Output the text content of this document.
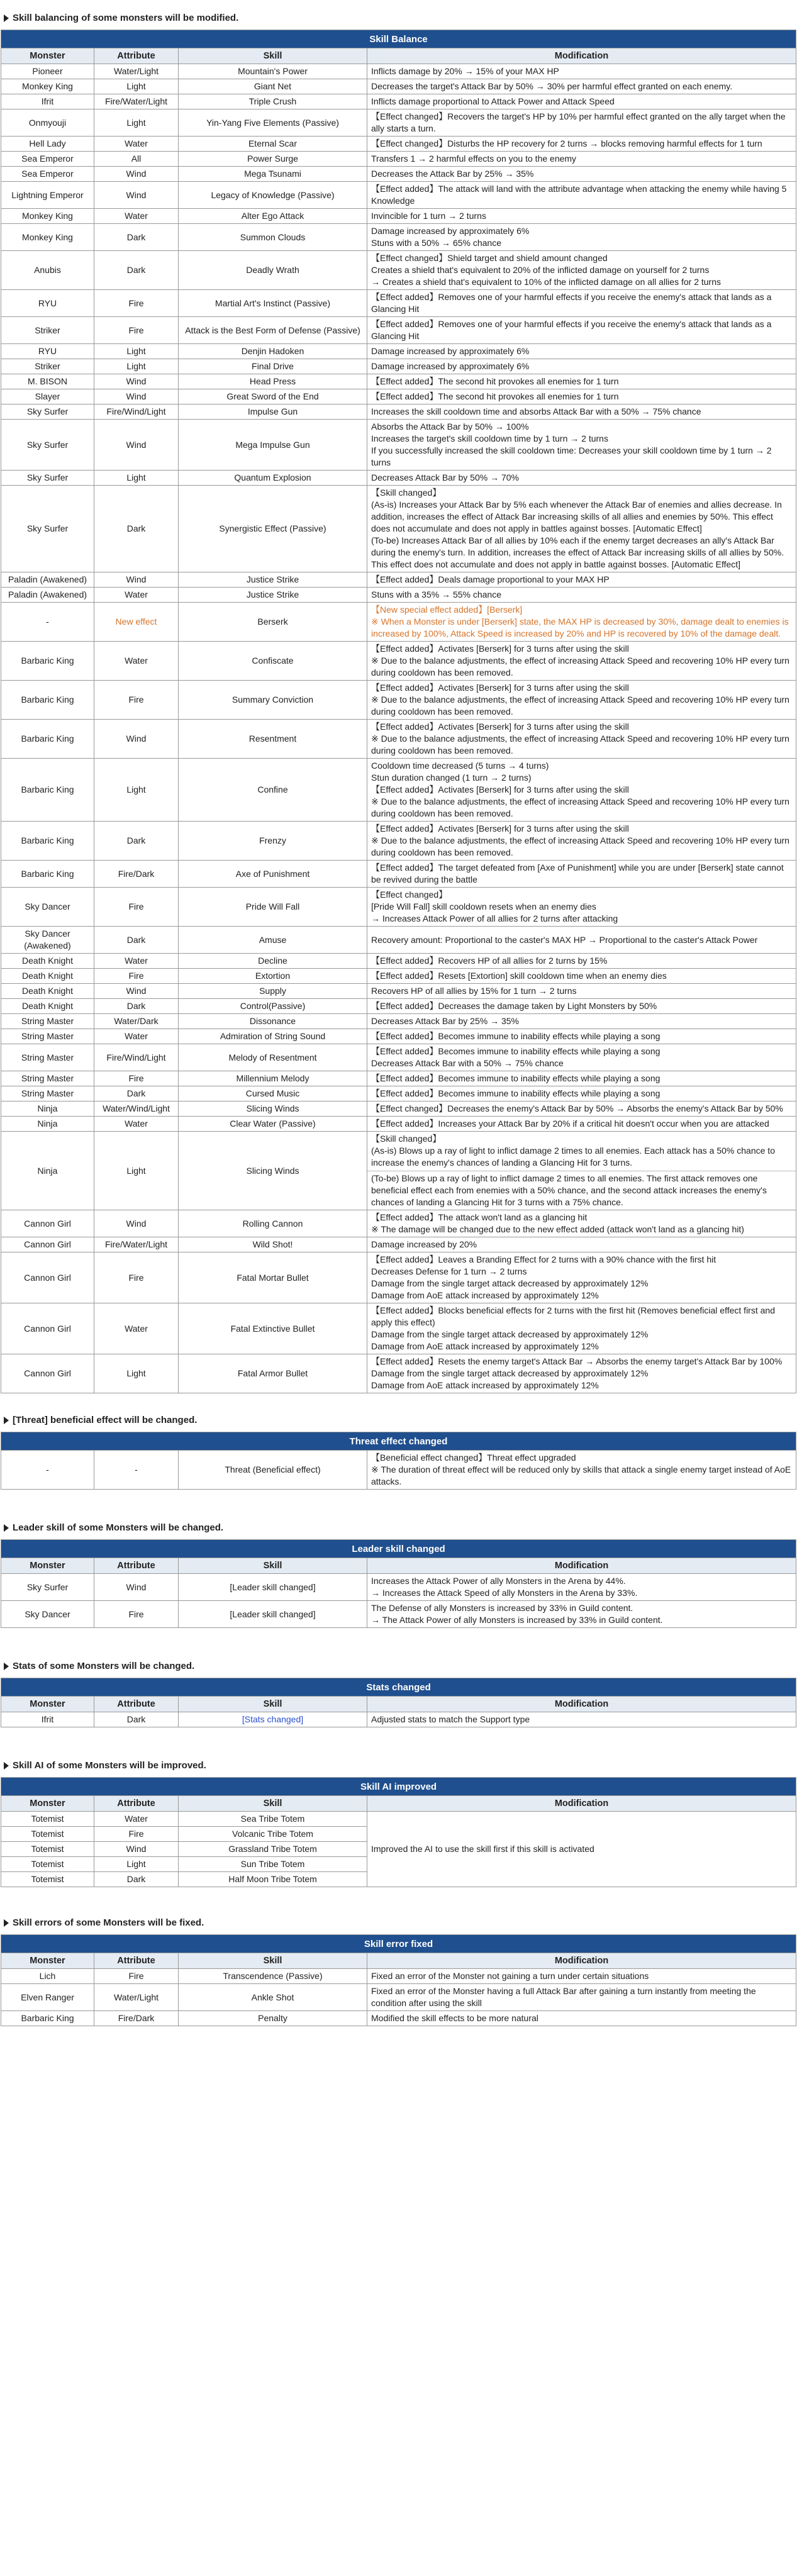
Skill balancing of some monsters will be modified.
Skill Balance			
Monster	Attribute	Skill	Modification
Pioneer	Water/Light	Mountain's Power	Inflicts damage by 20% → 15% of your MAX HP

Monkey King	Light	Giant Net	Decreases the target's Attack Bar by 50% → 30% per harmful effect granted on each enemy.

Ifrit	Fire/Water/Light	Triple Crush	Inflicts damage proportional to Attack Power and Attack Speed

Onmyouji	Light	Yin-Yang Five Elements (Passive)	【Effect changed】Recovers the target's HP by 10% per harmful effect granted on the ally target when the ally starts a turn.

Hell Lady	Water	Eternal Scar	【Effect changed】Disturbs the HP recovery for 2 turns → blocks removing harmful effects for 1 turn

Sea Emperor	All	Power Surge	Transfers 1 → 2 harmful effects on you to the enemy

Sea Emperor	Wind	Mega Tsunami	Decreases the Attack Bar by 25% → 35%

Lightning Emperor	Wind	Legacy of Knowledge (Passive)	【Effect added】The attack will land with the attribute advantage when attacking the enemy while having 5 Knowledge

Monkey King	Water	Alter Ego Attack	Invincible for 1 turn → 2 turns

Monkey King	Dark	Summon Clouds	Damage increased by approximately 6%
Stuns with a 50% → 65% chance

Anubis	Dark	Deadly Wrath	【Effect changed】Shield target and shield amount changed
Creates a shield that's equivalent to 20% of the inflicted damage on yourself for 2 turns
→ Creates a shield that's equivalent to 10% of the inflicted damage on all allies for 2 turns

RYU	Fire	Martial Art's Instinct (Passive)	【Effect added】Removes one of your harmful effects if you receive the enemy's attack that lands as a Glancing Hit

Striker	Fire	Attack is the Best Form of Defense (Passive)	【Effect added】Removes one of your harmful effects if you receive the enemy's attack that lands as a Glancing Hit

RYU	Light	Denjin Hadoken	Damage increased by approximately 6%

Striker	Light	Final Drive	Damage increased by approximately 6%

M. BISON	Wind	Head Press	【Effect added】The second hit provokes all enemies for 1 turn

Slayer	Wind	Great Sword of the End	【Effect added】The second hit provokes all enemies for 1 turn

Sky Surfer	Fire/Wind/Light	Impulse Gun	Increases the skill cooldown time and absorbs Attack Bar with a 50% → 75% chance

Sky Surfer	Wind	Mega Impulse Gun	Absorbs the Attack Bar by 50% → 100%
Increases the target's skill cooldown time by 1 turn → 2 turns
If you successfully increased the skill cooldown time: Decreases your skill cooldown time by 1 turn → 2 turns

Sky Surfer	Light	Quantum Explosion	Decreases Attack Bar by 50% → 70%

Sky Surfer	Dark	Synergistic Effect (Passive)	【Skill changed】
(As-is) Increases your Attack Bar by 5% each whenever the Attack Bar of enemies and allies decrease. In addition, increases the effect of Attack Bar increasing skills of all allies and enemies by 50%. This effect does not accumulate and does not apply in battles against bosses. [Automatic Effect]
(To-be) Increases Attack Bar of all allies by 10% each if the enemy target decreases an ally's Attack Bar during the enemy's turn. In addition, increases the effect of Attack Bar increasing skills of all allies by 50%. This effect does not accumulate and does not apply in battle against bosses. [Automatic Effect]

Paladin (Awakened)	Wind	Justice Strike	【Effect added】Deals damage proportional to your MAX HP

Paladin (Awakened)	Water	Justice Strike	Stuns with a 35% → 55% chance

-	New effect	Berserk	【New special effect added】[Berserk]
※ When a Monster is under [Berserk] state, the MAX HP is decreased by 30%, damage dealt to enemies is increased by 100%, Attack Speed is increased by 20% and HP is recovered by 10% of the damage dealt.

Barbaric King	Water	Confiscate	【Effect added】Activates [Berserk] for 3 turns after using the skill
※ Due to the balance adjustments, the effect of increasing Attack Speed and recovering 10% HP every turn during cooldown has been removed.

Barbaric King	Fire	Summary Conviction	【Effect added】Activates [Berserk] for 3 turns after using the skill
※ Due to the balance adjustments, the effect of increasing Attack Speed and recovering 10% HP every turn during cooldown has been removed.

Barbaric King	Wind	Resentment	【Effect added】Activates [Berserk] for 3 turns after using the skill
※ Due to the balance adjustments, the effect of increasing Attack Speed and recovering 10% HP every turn during cooldown has been removed.

Barbaric King	Light	Confine	Cooldown time decreased (5 turns → 4 turns)
Stun duration changed (1 turn → 2 turns)
【Effect added】Activates [Berserk] for 3 turns after using the skill
※ Due to the balance adjustments, the effect of increasing Attack Speed and recovering 10% HP every turn during cooldown has been removed.

Barbaric King	Dark	Frenzy	【Effect added】Activates [Berserk] for 3 turns after using the skill
※ Due to the balance adjustments, the effect of increasing Attack Speed and recovering 10% HP every turn during cooldown has been removed.

Barbaric King	Fire/Dark	Axe of Punishment	【Effect added】The target defeated from [Axe of Punishment] while you are under [Berserk] state cannot be revived during the battle

Sky Dancer	Fire	Pride Will Fall	【Effect changed】
[Pride Will Fall] skill cooldown resets when an enemy dies
→ Increases Attack Power of all allies for 2 turns after attacking

Sky Dancer (Awakened)	Dark	Amuse	Recovery amount: Proportional to the caster's MAX HP → Proportional to the caster's Attack Power

Death Knight	Water	Decline	【Effect added】Recovers HP of all allies for 2 turns by 15%

Death Knight	Fire	Extortion	【Effect added】Resets [Extortion] skill cooldown time when an enemy dies

Death Knight	Wind	Supply	Recovers HP of all allies by 15% for 1 turn → 2 turns

Death Knight	Dark	Control(Passive)	【Effect added】Decreases the damage taken by Light Monsters by 50%

String Master	Water/Dark	Dissonance	Decreases Attack Bar by 25% → 35%

String Master	Water	Admiration of String Sound	【Effect added】Becomes immune to inability effects while playing a song

String Master	Fire/Wind/Light	Melody of Resentment	【Effect added】Becomes immune to inability effects while playing a song
Decreases Attack Bar with a 50% → 75% chance

String Master	Fire	Millennium Melody	【Effect added】Becomes immune to inability effects while playing a song

String Master	Dark	Cursed Music	【Effect added】Becomes immune to inability effects while playing a song

Ninja	Water/Wind/Light	Slicing Winds	【Effect changed】Decreases the enemy's Attack Bar by 50% → Absorbs the enemy's Attack Bar by 50%

Ninja	Water	Clear Water (Passive)	【Effect added】Increases your Attack Bar by 20% if a critical hit doesn't occur when you are attacked

Ninja	Light	Slicing Winds	【Skill changed】
(As-is) Blows up a ray of light to inflict damage 2 times to all enemies. Each attack has a 50% chance to increase the enemy's chances of landing a Glancing Hit for 3 turns.
(To-be) Blows up a ray of light to inflict damage 2 times to all enemies. The first attack removes one beneficial effect each from enemies with a 50% chance, and the second attack increases the enemy's chances of landing a Glancing Hit for 3 turns with a 75% chance.

Cannon Girl	Wind	Rolling Cannon	【Effect added】The attack won't land as a glancing hit
※ The damage will be changed due to the new effect added (attack won't land as a glancing hit)

Cannon Girl	Fire/Water/Light	Wild Shot!	Damage increased by 20%

Cannon Girl	Fire	Fatal Mortar Bullet	【Effect added】Leaves a Branding Effect for 2 turns with a 90% chance with the first hit
Decreases Defense for 1 turn → 2 turns
Damage from the single target attack decreased by approximately 12%
Damage from AoE attack increased by approximately 12%

Cannon Girl	Water	Fatal Extinctive Bullet	【Effect added】Blocks beneficial effects for 2 turns with the first hit (Removes beneficial effect first and apply this effect)
Damage from the single target attack decreased by approximately 12%
Damage from AoE attack increased by approximately 12%

Cannon Girl	Light	Fatal Armor Bullet	【Effect added】Resets the enemy target's Attack Bar → Absorbs the enemy target's Attack Bar by 100%
Damage from the single target attack decreased by approximately 12%
Damage from AoE attack increased by approximately 12%
[Threat] beneficial effect will be changed.
Threat effect changed
-	-	Threat (Beneficial effect)	
【Beneficial effect changed】Threat effect upgraded
※ The duration of threat effect will be reduced only by skills that attack a single enemy target instead of AoE attacks.
Leader skill of some Monsters will be changed.
Leader skill changed			
Monster	Attribute	Skill	Modification
Sky Surfer	Wind	[Leader skill changed]	Increases the Attack Power of ally Monsters in the Arena by 44%.
→ Increases the Attack Speed of ally Monsters in the Arena by 33%.

Sky Dancer	Fire	[Leader skill changed]	The Defense of ally Monsters is increased by 33% in Guild content.
→ The Attack Power of ally Monsters is increased by 33% in Guild content.
Stats of some Monsters will be changed.
Stats changed			
Monster	Attribute	Skill	Modification
Ifrit	Dark	[Stats changed]	Adjusted stats to match the Support type
Skill AI of some Monsters will be improved.
Skill AI improved			
Monster	Attribute	Skill	Modification
Totemist	Water	Sea Tribe Totem	Improved the AI to use the skill first if this skill is activated
Totemist	Fire	Volcanic Tribe Totem	
Totemist	Wind	Grassland Tribe Totem	
Totemist	Light	Sun Tribe Totem	
Totemist	Dark	Half Moon Tribe Totem	
Skill errors of some Monsters will be fixed.
Skill error fixed			
Monster	Attribute	Skill	Modification
Lich	Fire	Transcendence (Passive)	Fixed an error of the Monster not gaining a turn under certain situations

Elven Ranger	Water/Light	Ankle Shot	Fixed an error of the Monster having a full Attack Bar after gaining a turn instantly from meeting the condition after using the skill

Barbaric King	Fire/Dark	Penalty	Modified the skill effects to be more natural
